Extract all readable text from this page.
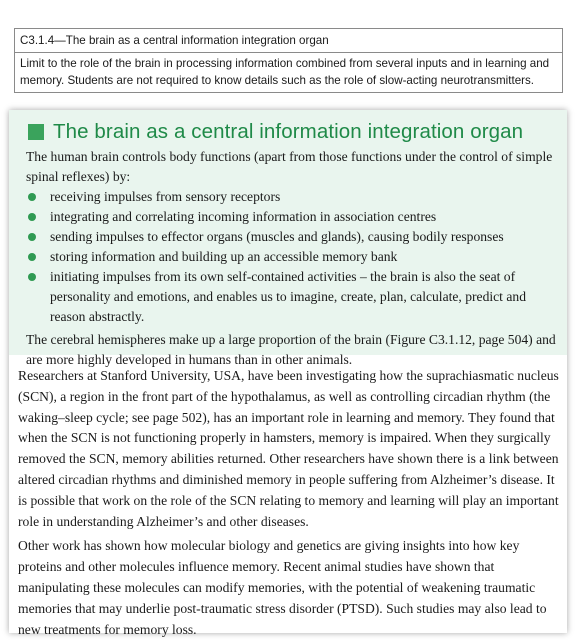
C3.1.4—The brain as a central information integration organ
Limit to the role of the brain in processing information combined from several inputs and in learning and memory. Students are not required to know details such as the role of slow-acting neurotransmitters.
The brain as a central information integration organ

The human brain controls body functions (apart from those functions under the control of simple spinal reflexes) by:

receiving impulses from sensory receptors
integrating and correlating incoming information in association centres
sending impulses to effector organs (muscles and glands), causing bodily responses
storing information and building up an accessible memory bank
initiating impulses from its own self-contained activities – the brain is also the seat of personality and emotions, and enables us to imagine, create, plan, calculate, predict and reason abstractly.

The cerebral hemispheres make up a large proportion of the brain (Figure C3.1.12, page 504) and are more highly developed in humans than in other animals.

Researchers at Stanford University, USA, have been investigating how the suprachiasmatic nucleus (SCN), a region in the front part of the hypothalamus, as well as controlling circadian rhythm (the waking–sleep cycle; see page 502), has an important role in learning and memory. They found that when the SCN is not functioning properly in hamsters, memory is impaired. When they surgically removed the SCN, memory abilities returned. Other researchers have shown there is a link between altered circadian rhythms and diminished memory in people suffering from Alzheimer’s disease. It is possible that work on the role of the SCN relating to memory and learning will play an important role in understanding Alzheimer’s and other diseases.

Other work has shown how molecular biology and genetics are giving insights into how key proteins and other molecules influence memory. Recent animal studies have shown that manipulating these molecules can modify memories, with the potential of weakening traumatic memories that may underlie post-traumatic stress disorder (PTSD). Such studies may also lead to new treatments for memory loss.
